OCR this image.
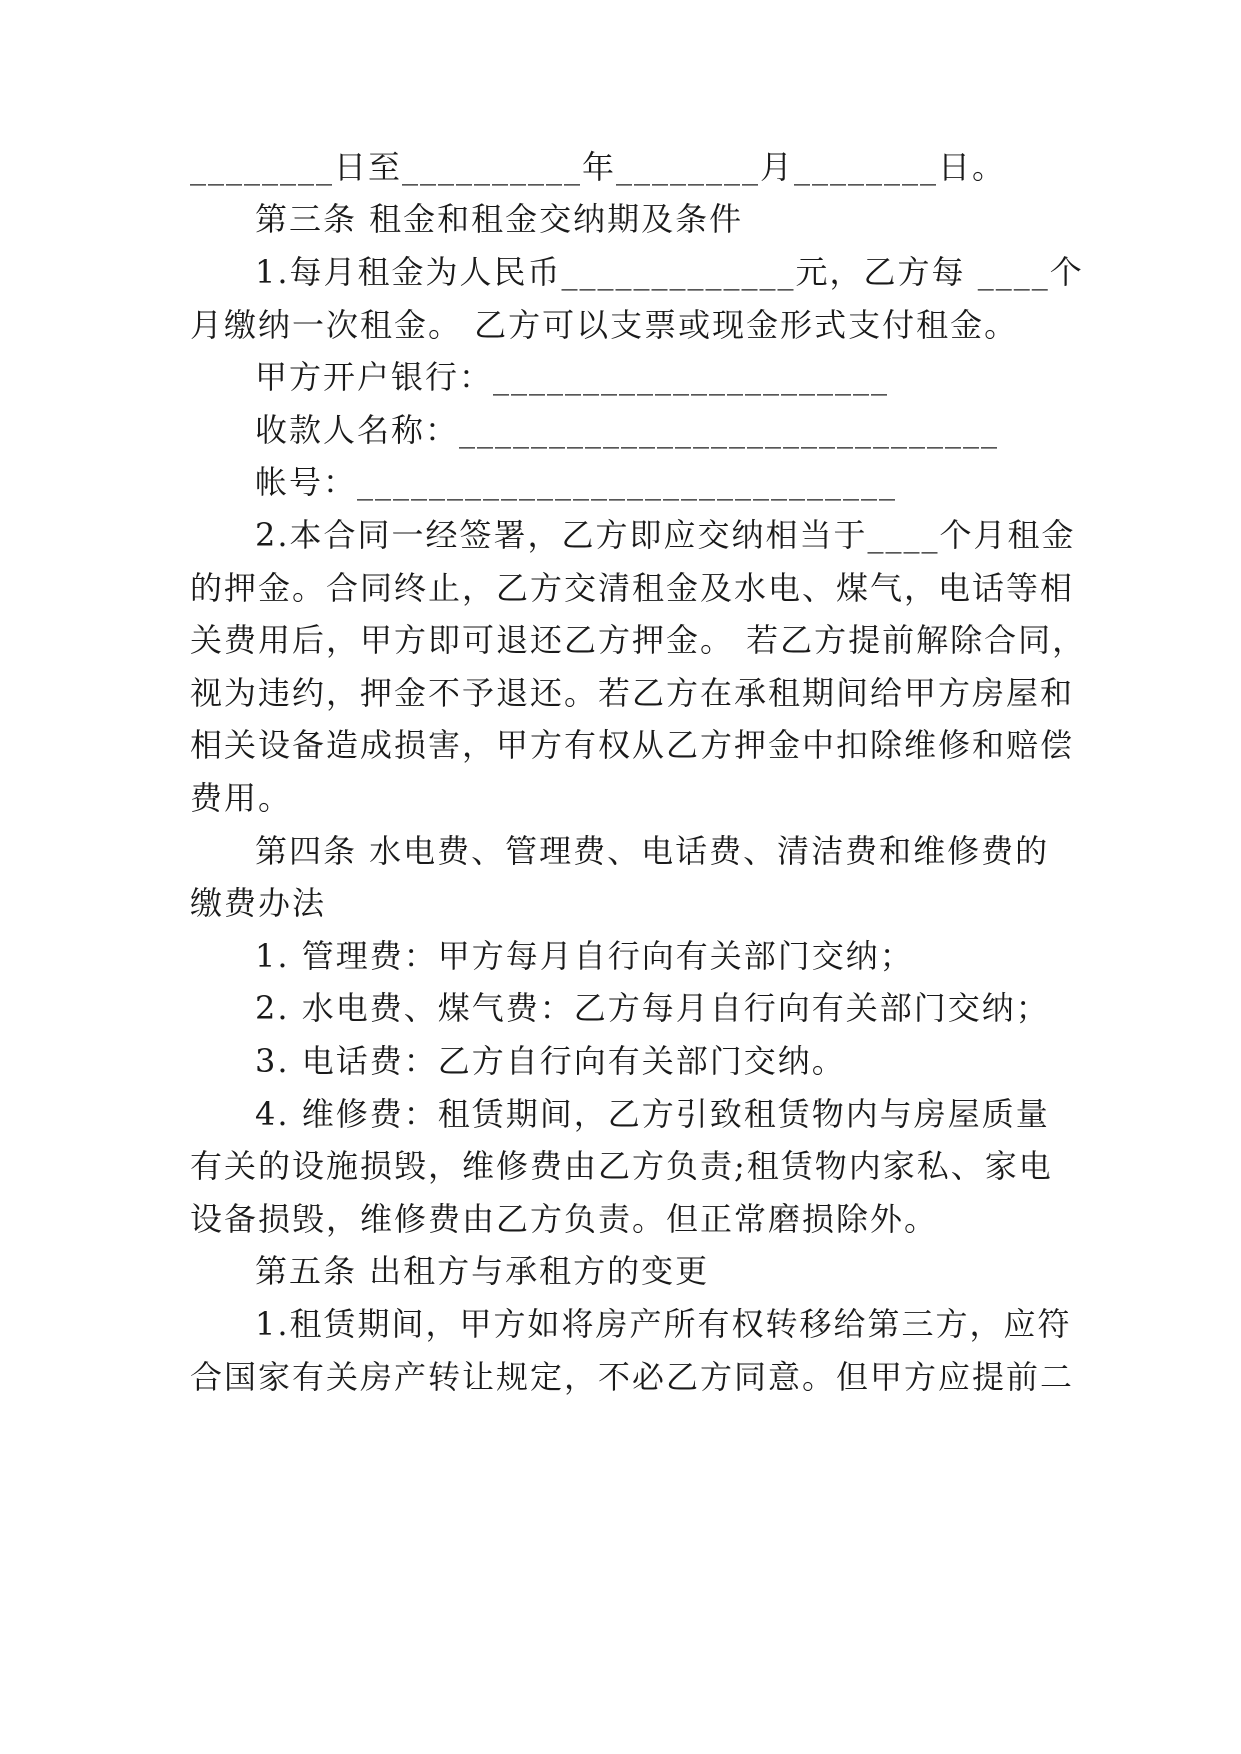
________日至__________年________月________日。
第三条 租金和租金交纳期及条件
1.每月租金为人民币_____________元，乙方每 ____个
月缴纳一次租金。 乙方可以支票或现金形式支付租金。
甲方开户银行：______________________
收款人名称：______________________________
帐号：______________________________
2.本合同一经签署，乙方即应交纳相当于____个月租金
的押金。合同终止，乙方交清租金及水电、煤气，电话等相
关费用后，甲方即可退还乙方押金。 若乙方提前解除合同，
视为违约，押金不予退还。若乙方在承租期间给甲方房屋和
相关设备造成损害，甲方有权从乙方押金中扣除维修和赔偿
费用。
第四条 水电费、管理费、电话费、清洁费和维修费的
缴费办法
1. 管理费：甲方每月自行向有关部门交纳；
2. 水电费、煤气费：乙方每月自行向有关部门交纳；
3. 电话费：乙方自行向有关部门交纳。
4. 维修费：租赁期间，乙方引致租赁物内与房屋质量
有关的设施损毁，维修费由乙方负责;租赁物内家私、家电
设备损毁，维修费由乙方负责。但正常磨损除外。
第五条 出租方与承租方的变更
1.租赁期间，甲方如将房产所有权转移给第三方，应符
合国家有关房产转让规定，不必乙方同意。但甲方应提前二
